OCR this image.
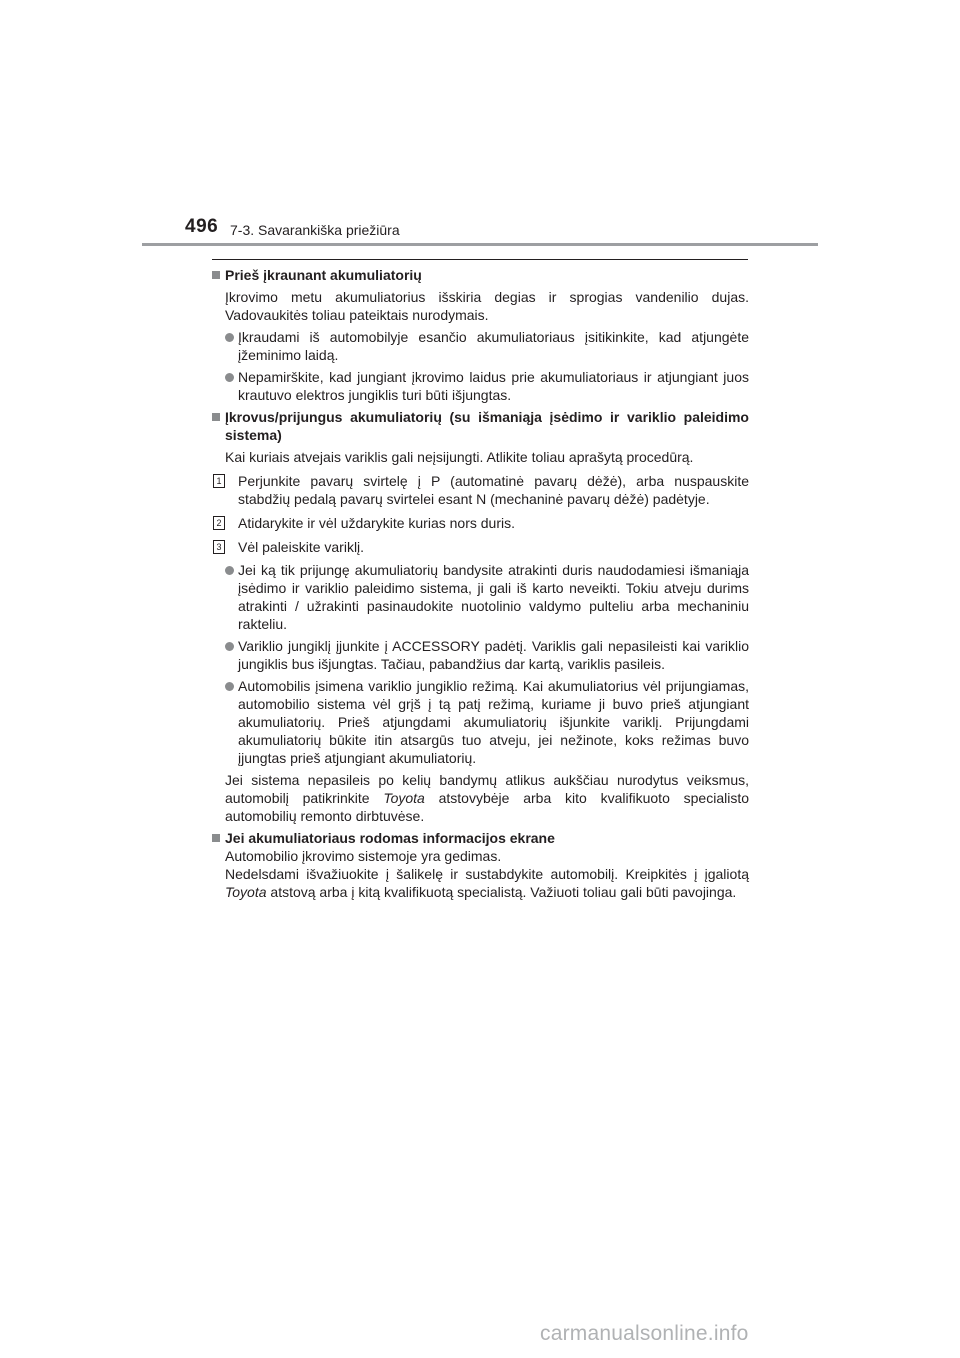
496 7-3. Savarankiška priežiūra

Prieš įkraunant akumuliatorių

Įkrovimo metu akumuliatorius išskiria degias ir sprogias vandenilio dujas. Vadovaukitės toliau pateiktais nurodymais.

Įkraudami iš automobilyje esančio akumuliatoriaus įsitikinkite, kad atjungėte įžeminimo laidą.

Nepamirškite, kad jungiant įkrovimo laidus prie akumuliatoriaus ir atjungiant juos krautuvo elektros jungiklis turi būti išjungtas.

Įkrovus/prijungus akumuliatorių (su išmaniąja įsėdimo ir variklio paleidimo sistema)

Kai kuriais atvejais variklis gali neįsijungti. Atlikite toliau aprašytą procedūrą.

1 Perjunkite pavarų svirtelę į P (automatinė pavarų dėžė), arba nuspauskite stabdžių pedalą pavarų svirtelei esant N (mechaninė pavarų dėžė) padėtyje.

2 Atidarykite ir vėl uždarykite kurias nors duris.

3 Vėl paleiskite variklį.

Jei ką tik prijungę akumuliatorių bandysite atrakinti duris naudodamiesi išmaniąja įsėdimo ir variklio paleidimo sistema, ji gali iš karto neveikti. Tokiu atveju durims atrakinti / užrakinti pasinaudokite nuotolinio valdymo pulteliu arba mechaniniu rakteliu.

Variklio jungiklį įjunkite į ACCESSORY padėtį. Variklis gali nepasileisti kai variklio jungiklis bus išjungtas. Tačiau, pabandžius dar kartą, variklis pasileis.

Automobilis įsimena variklio jungiklio režimą. Kai akumuliatorius vėl prijungiamas, automobilio sistema vėl grįš į tą patį režimą, kuriame ji buvo prieš atjungiant akumuliatorių. Prieš atjungdami akumuliatorių išjunkite variklį. Prijungdami akumuliatorių būkite itin atsargūs tuo atveju, jei nežinote, koks režimas buvo įjungtas prieš atjungiant akumuliatorių.

Jei sistema nepasileis po kelių bandymų atlikus aukščiau nurodytus veiksmus, automobilį patikrinkite Toyota atstovybėje arba kito kvalifikuoto specialisto automobilių remonto dirbtuvėse.

Jei akumuliatoriaus rodomas informacijos ekrane

Automobilio įkrovimo sistemoje yra gedimas.

Nedelsdami išvažiuokite į šalikelę ir sustabdykite automobilį. Kreipkitės į įgaliotą Toyota atstovą arba į kitą kvalifikuotą specialistą. Važiuoti toliau gali būti pavojinga.

carmanualsonline.info
